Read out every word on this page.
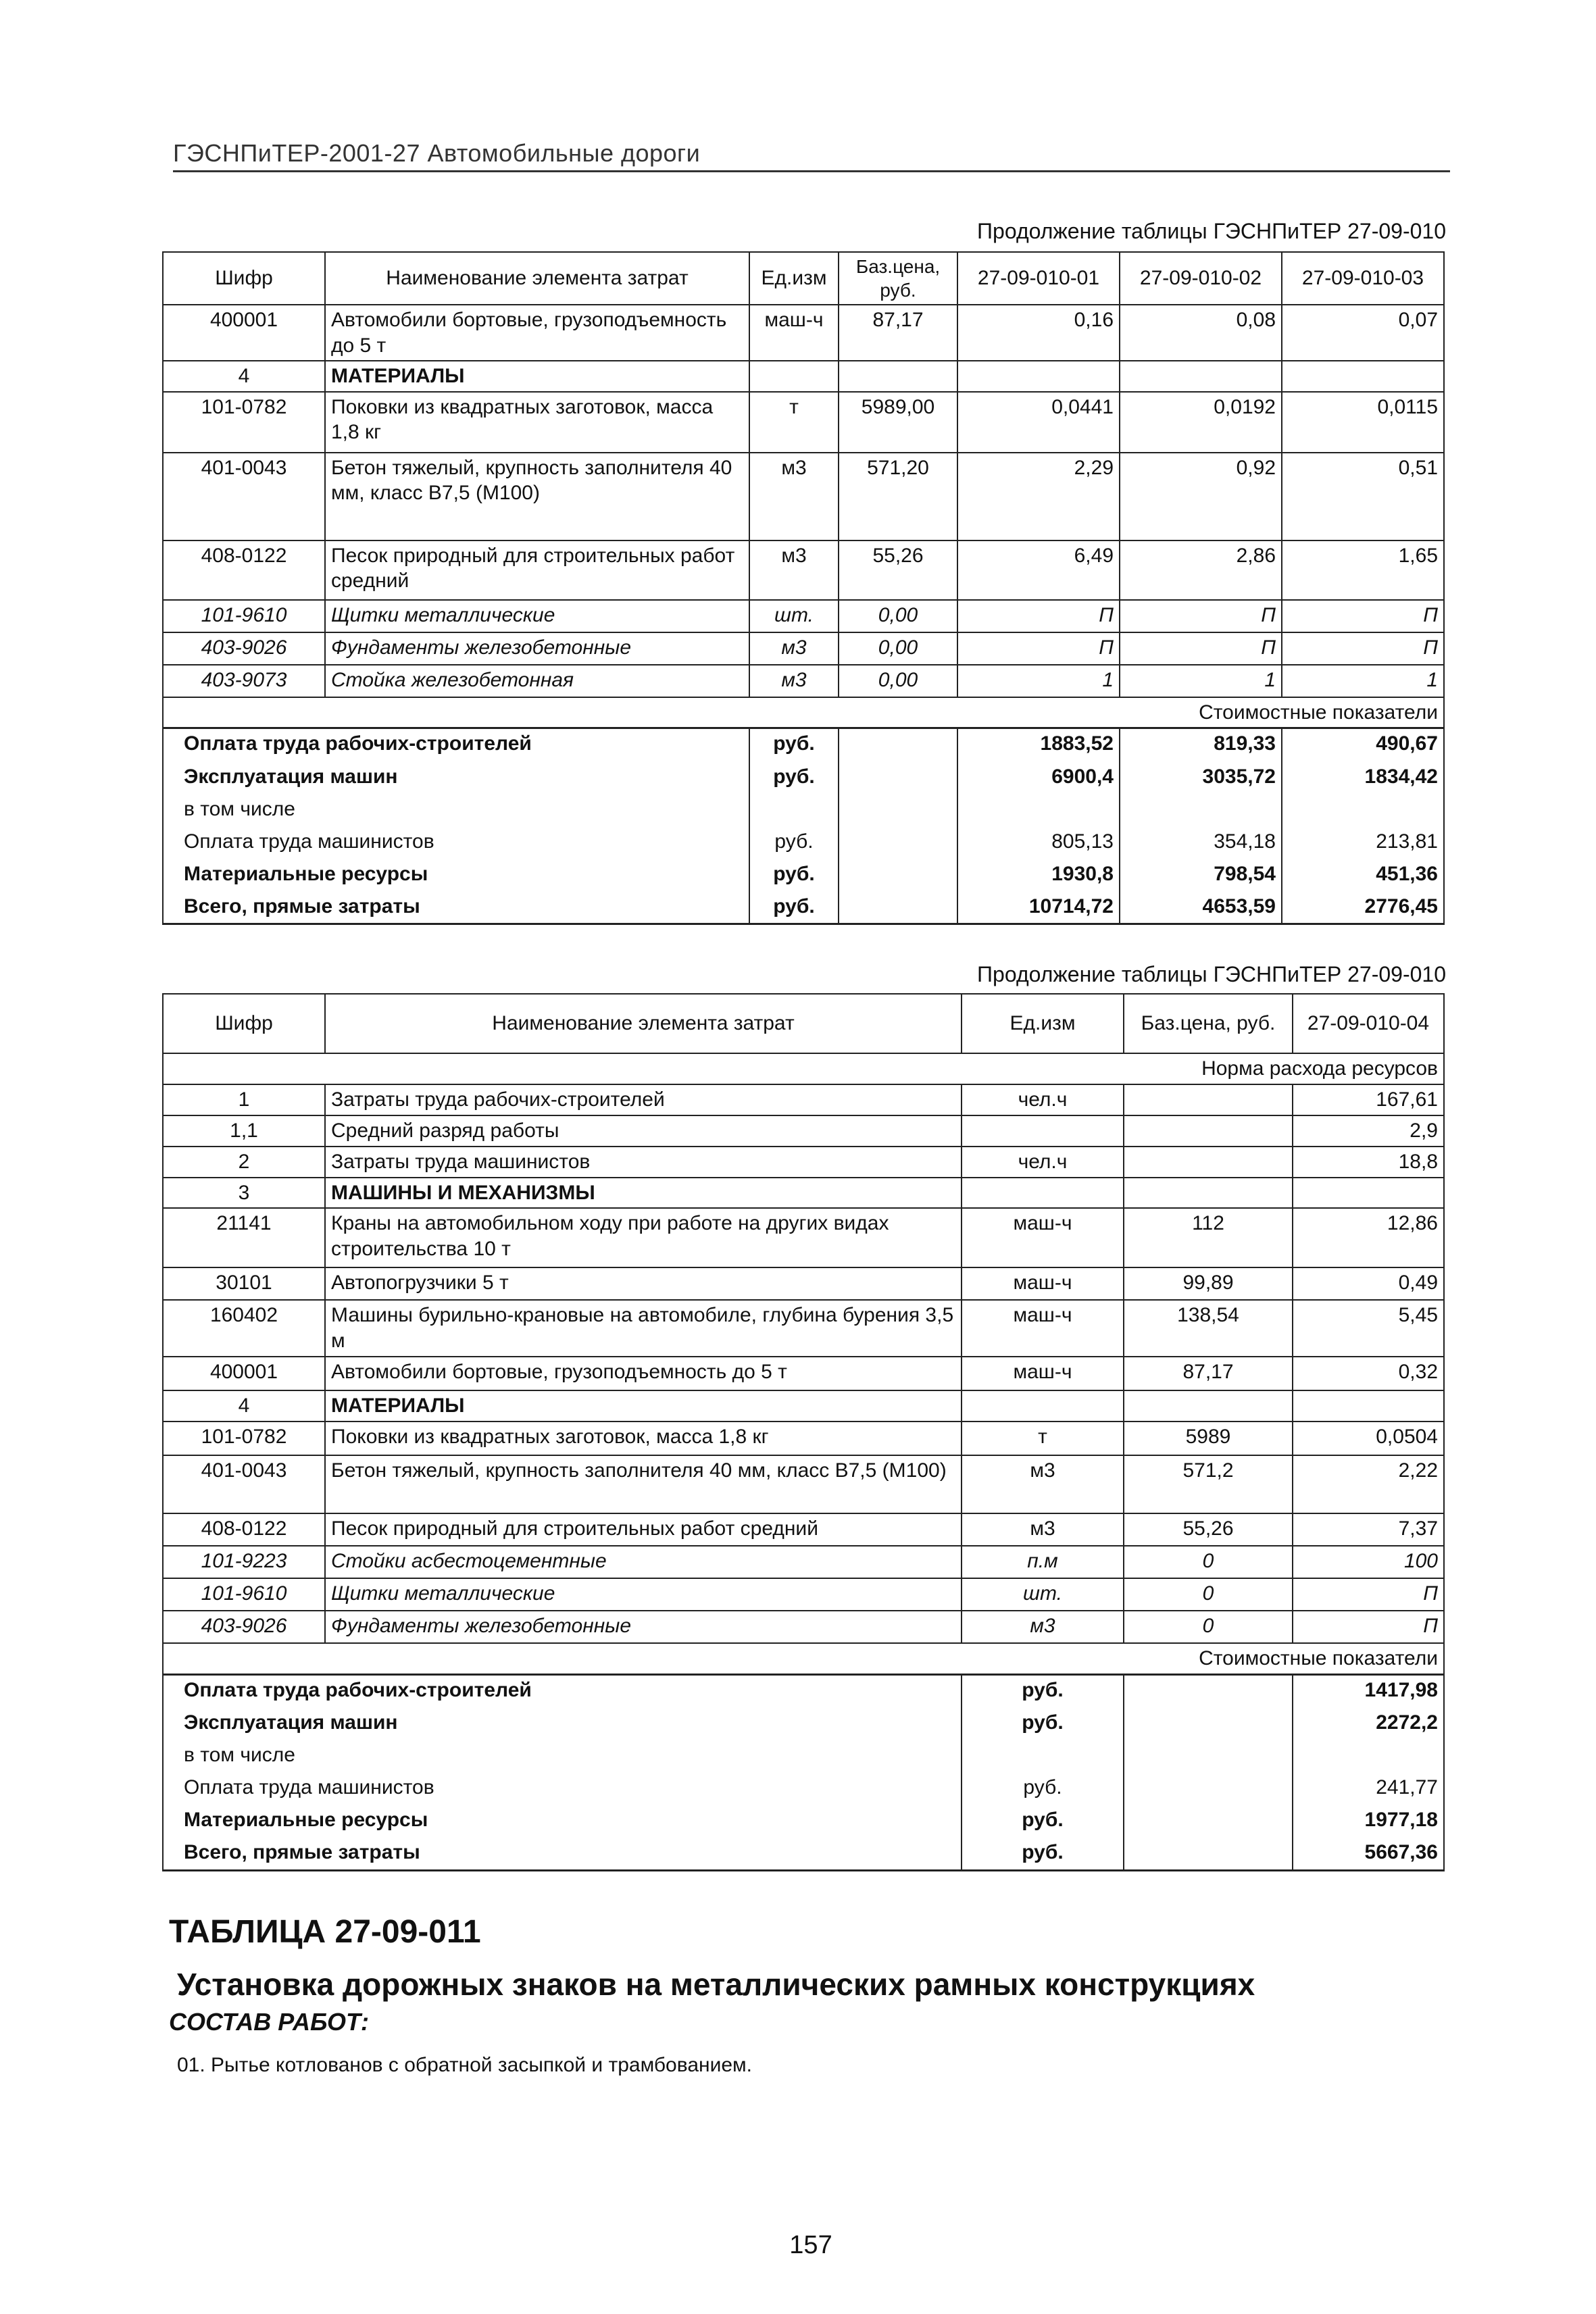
ГЭСНПиТЕР-2001-27 Автомобильные дороги
Продолжение таблицы ГЭСНПиТЕР 27-09-010
Шифр	Наименование элемента затрат	Ед.изм	Баз.цена, руб.	27-09-010-01	27-09-010-02	27-09-010-03
400001	Автомобили бортовые, грузоподъемность до 5 т	маш-ч	87,17	0,16	0,08	0,07
4	МАТЕРИАЛЫ					
101-0782	Поковки из квадратных заготовок, масса 1,8 кг	т	5989,00	0,0441	0,0192	0,0115
401-0043	Бетон тяжелый, крупность заполнителя 40 мм, класс В7,5 (М100)	м3	571,20	2,29	0,92	0,51
408-0122	Песок природный для строительных работ средний	м3	55,26	6,49	2,86	1,65
101-9610	Щитки металлические	шт.	0,00	П	П	П
403-9026	Фундаменты железобетонные	м3	0,00	П	П	П
403-9073	Стойка железобетонная	м3	0,00	1	1	1
Стоимостные показатели						
Оплата труда рабочих-строителей		руб.		1883,52	819,33	490,67
Эксплуатация машин		руб.		6900,4	3035,72	1834,42
в том числе						
Оплата труда машинистов		руб.		805,13	354,18	213,81
Материальные ресурсы		руб.		1930,8	798,54	451,36
Всего, прямые затраты		руб.		10714,72	4653,59	2776,45
Продолжение таблицы ГЭСНПиТЕР 27-09-010
Шифр	Наименование элемента затрат	Ед.изм	Баз.цена, руб.	27-09-010-04
Норма расхода ресурсов				
1	Затраты труда рабочих-строителей	чел.ч		167,61
1,1	Средний разряд работы			2,9
2	Затраты труда машинистов	чел.ч		18,8
3	МАШИНЫ И МЕХАНИЗМЫ			
21141	Краны на автомобильном ходу при работе на других видах строительства 10 т	маш-ч	112	12,86
30101	Автопогрузчики 5 т	маш-ч	99,89	0,49
160402	Машины бурильно-крановые на автомобиле, глубина бурения 3,5 м	маш-ч	138,54	5,45
400001	Автомобили бортовые, грузоподъемность до 5 т	маш-ч	87,17	0,32
4	МАТЕРИАЛЫ			
101-0782	Поковки из квадратных заготовок, масса 1,8 кг	т	5989	0,0504
401-0043	Бетон тяжелый, крупность заполнителя 40 мм, класс В7,5 (М100)	м3	571,2	2,22
408-0122	Песок природный для строительных работ средний	м3	55,26	7,37
101-9223	Стойки асбестоцементные	п.м	0	100
101-9610	Щитки металлические	шт.	0	П
403-9026	Фундаменты железобетонные	м3	0	П
Стоимостные показатели				
Оплата труда рабочих-строителей		руб.		1417,98
Эксплуатация машин		руб.		2272,2
в том числе				
Оплата труда машинистов		руб.		241,77
Материальные ресурсы		руб.		1977,18
Всего, прямые затраты		руб.		5667,36
ТАБЛИЦА 27-09-011
Установка дорожных знаков на металлических рамных конструкциях
СОСТАВ РАБОТ:
01. Рытье котлованов с обратной засыпкой и трамбованием.
157
